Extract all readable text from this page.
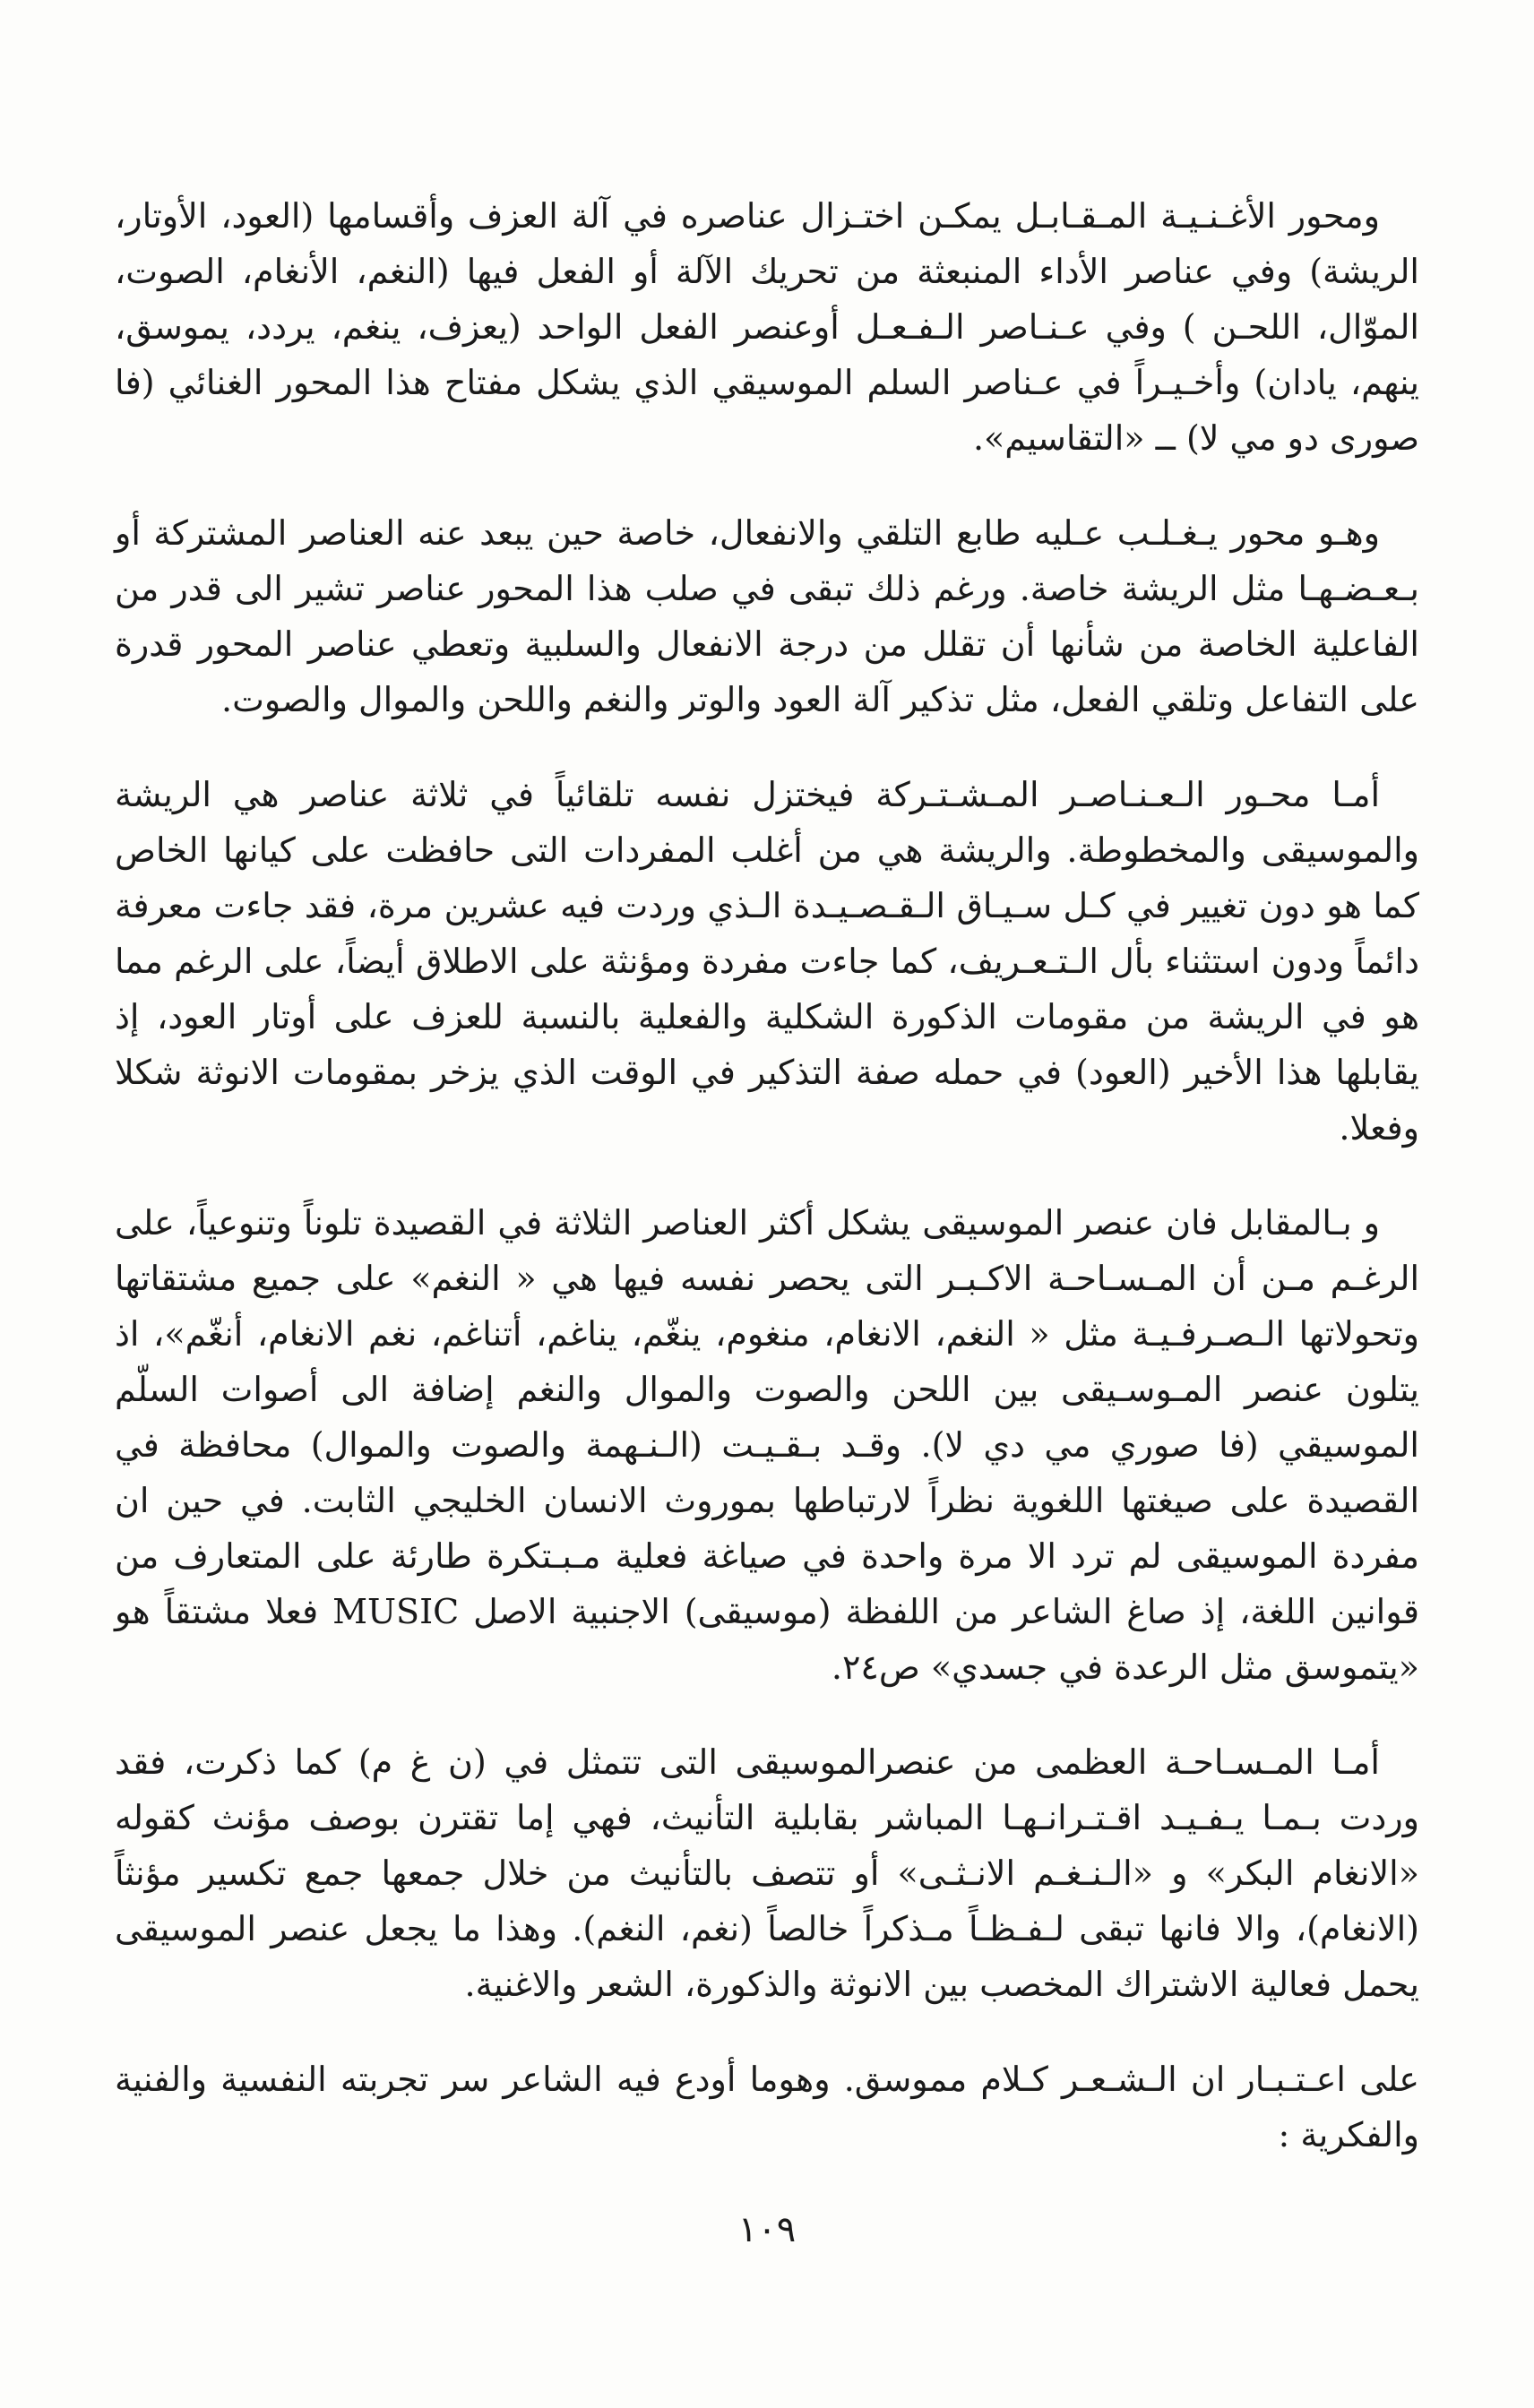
ومحور الأغـنـيـة المـقـابـل يمكـن اختـزال عناصره في آلة العزف وأقسامها (العود، الأوتار، الريشة) وفي عناصر الأداء المنبعثة من تحريك الآلة أو الفعل فيها (النغم، الأنغام، الصوت، الموّال، اللحـن ) وفي عـنـاصر الـفـعـل أوعنصر الفعل الواحد (يعزف، ينغم، يردد، يموسق، ينهم، يادان) وأخـيـراً في عـناصر السلم الموسيقي الذي يشكل مفتاح هذا المحور الغنائي (فا صورى دو مي لا) ــ «التقاسيم».

وهـو محور يـغـلـب عـليه طابع التلقي والانفعال، خاصة حين يبعد عنه العناصر المشتركة أو بـعـضـهـا مثل الريشة خاصة. ورغم ذلك تبقى في صلب هذا المحور عناصر تشير الى قدر من الفاعلية الخاصة من شأنها أن تقلل من درجة الانفعال والسلبية وتعطي عناصر المحور قدرة على التفاعل وتلقي الفعل، مثل تذكير آلة العود والوتر والنغم واللحن والموال والصوت.

أمـا محـور الـعـنـاصـر المـشـتـركة فيختزل نفسه تلقائياً في ثلاثة عناصر هي الريشة والموسيقى والمخطوطة. والريشة هي من أغلب المفردات التى حافظت على كيانها الخاص كما هو دون تغيير في كـل سـيـاق الـقـصـيـدة الـذي وردت فيه عشرين مرة، فقد جاءت معرفة دائماً ودون استثناء بأل الـتـعـريف، كما جاءت مفردة ومؤنثة على الاطلاق أيضاً، على الرغم مما هو في الريشة من مقومات الذكورة الشكلية والفعلية بالنسبة للعزف على أوتار العود، إذ يقابلها هذا الأخير (العود) في حمله صفة التذكير في الوقت الذي يزخر بمقومات الانوثة شكلا وفعلا.

و بـالمقابل فان عنصر الموسيقى يشكل أكثر العناصر الثلاثة في القصيدة تلوناً وتنوعياً، على الرغـم مـن أن المـسـاحـة الاكـبـر التى يحصر نفسه فيها هي « النغم» على جميع مشتقاتها وتحولاتها الـصـرفـيـة مثل « النغم، الانغام، منغوم، ينغّم، يناغم، أتناغم، نغم الانغام، أنغّم»، اذ يتلون عنصر المـوسـيقى بين اللحن والصوت والموال والنغم إضافة الى أصوات السلّم الموسيقي (فا صوري مي دي لا). وقـد بـقـيـت (الـنـهمة والصوت والموال) محافظة في القصيدة على صيغتها اللغوية نظراً لارتباطها بموروث الانسان الخليجي الثابت. في حين ان مفردة الموسيقى لم ترد الا مرة واحدة في صياغة فعلية مـبـتكرة طارئة على المتعارف من قوانين اللغة، إذ صاغ الشاعر من اللفظة (موسيقى) الاجنبية الاصل MUSIC فعلا مشتقاً هو «يتموسق مثل الرعدة في جسدي» ص٢٤.

أمـا المـسـاحـة العظمى من عنصرالموسيقى التى تتمثل في (ن غ م) كما ذكرت، فقد وردت بـمـا يـفـيـد اقـتـرانـهـا المباشر بقابلية التأنيث، فهي إما تقترن بوصف مؤنث كقوله «الانغام البكر» و «الـنـغـم الانـثـى» أو تتصف بالتأنيث من خلال جمعها جمع تكسير مؤنثاً (الانغام)، والا فانها تبقى لـفـظـاً مـذكراً خالصاً (نغم، النغم). وهذا ما يجعل عنصر الموسيقى يحمل فعالية الاشتراك المخصب بين الانوثة والذكورة، الشعر والاغنية.

على اعـتـبـار ان الـشـعـر كـلام مموسق. وهوما أودع فيه الشاعر سر تجربته النفسية والفنية والفكرية :

١٠٩
